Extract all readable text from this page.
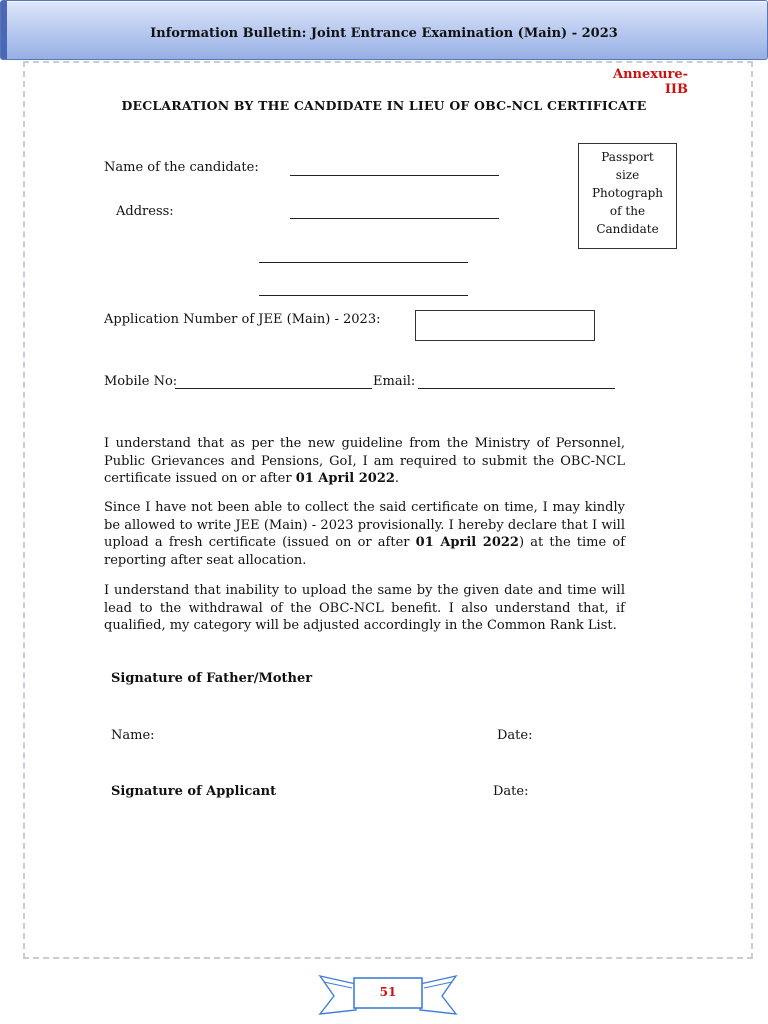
Information Bulletin: Joint Entrance Examination (Main) - 2023
Annexure- IIB
DECLARATION BY THE CANDIDATE IN LIEU OF OBC-NCL CERTIFICATE
Passport
size
Photograph
of the
Candidate
Name of the candidate:
Address:
Application Number of JEE (Main) - 2023:
Mobile No:	Email:

I understand that as per the new guideline from the Ministry of Personnel, Public Grievances and Pensions, GoI, I am required to submit the OBC-NCL certificate issued on or after 01 April 2022.

Since I have not been able to collect the said certificate on time, I may kindly be allowed to write JEE (Main) - 2023 provisionally. I hereby declare that I will upload a fresh certificate (issued on or after 01 April 2022) at the time of reporting after seat allocation.

I understand that inability to upload the same by the given date and time will lead to the withdrawal of the OBC-NCL benefit. I also understand that, if qualified, my category will be adjusted accordingly in the Common Rank List.

Signature of Father/Mother
Name:	Date:
Signature of Applicant	Date:
51
